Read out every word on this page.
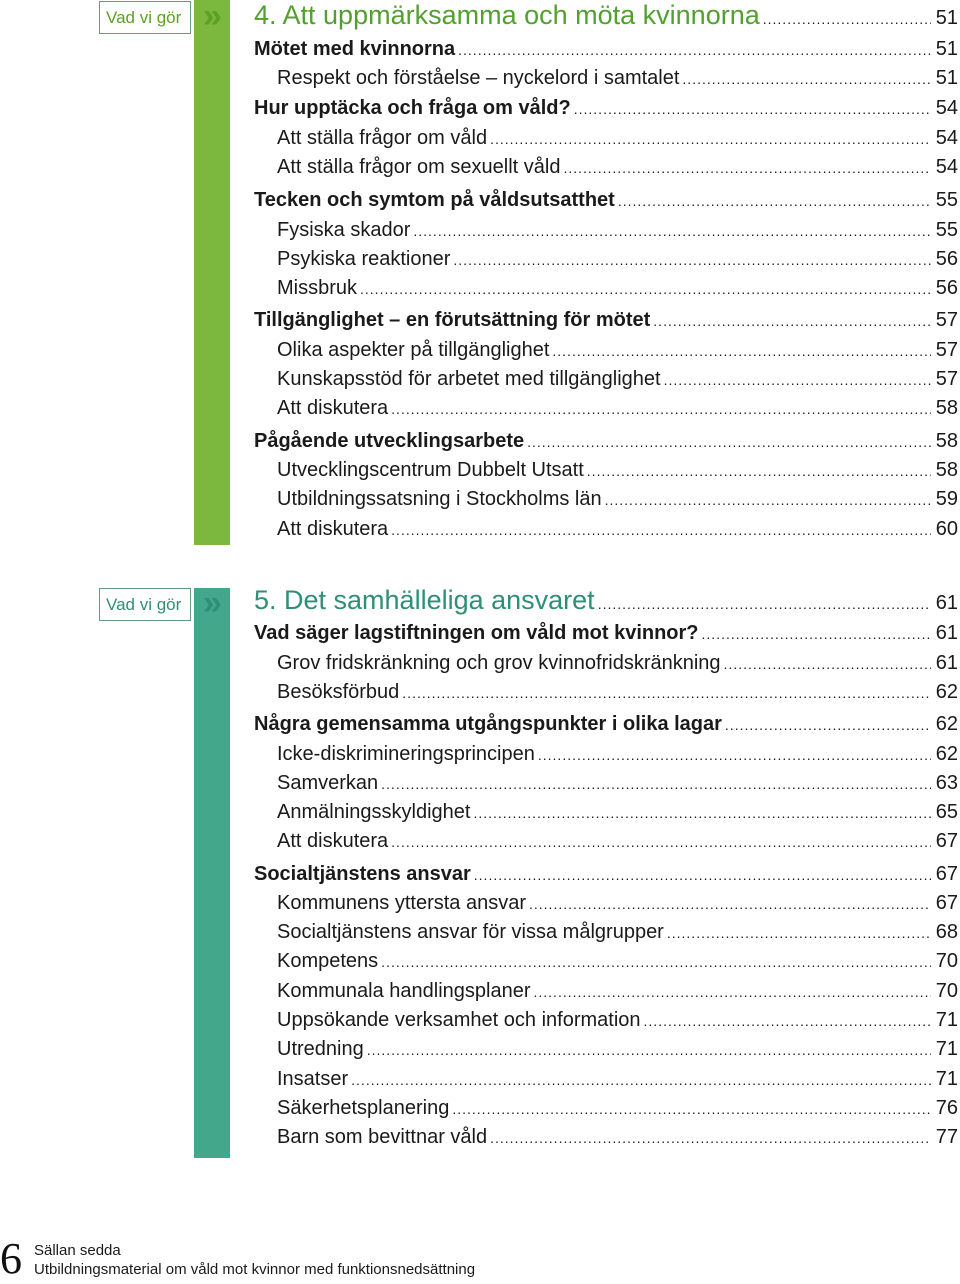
Vad vi gör »
Vad vi gör »
4. Att uppmärksamma och möta kvinnorna .....	51
Mötet med kvinnorna .....	51
Respekt och förståelse – nyckelord i samtalet .....	51
Hur upptäcka och fråga om våld? .....	54
Att ställa frågor om våld .....	54
Att ställa frågor om sexuellt våld .....	54
Tecken och symtom på våldsutsatthet .....	55
Fysiska skador .....	55
Psykiska reaktioner .....	56
Missbruk .....	56
Tillgänglighet – en förutsättning för mötet .....	57
Olika aspekter på tillgänglighet .....	57
Kunskapsstöd för arbetet med tillgänglighet .....	57
Att diskutera .....	58
Pågående utvecklingsarbete .....	58
Utvecklingscentrum Dubbelt Utsatt .....	58
Utbildningssatsning i Stockholms län .....	59
Att diskutera .....	60
5. Det samhälleliga ansvaret .....	61
Vad säger lagstiftningen om våld mot kvinnor? .....	61
Grov fridskränkning och grov kvinnofridskränkning .....	61
Besöksförbud .....	62
Några gemensamma utgångspunkter i olika lagar .....	62
Icke-diskrimineringsprincipen .....	62
Samverkan .....	63
Anmälningsskyldighet .....	65
Att diskutera .....	67
Socialtjänstens ansvar .....	67
Kommunens yttersta ansvar .....	67
Socialtjänstens ansvar för vissa målgrupper .....	68
Kompetens .....	70
Kommunala handlingsplaner .....	70
Uppsökande verksamhet och information .....	71
Utredning .....	71
Insatser .....	71
Säkerhetsplanering .....	76
Barn som bevittnar våld .....	77
6 Sällan sedda
Utbildningsmaterial om våld mot kvinnor med funktionsnedsättning
